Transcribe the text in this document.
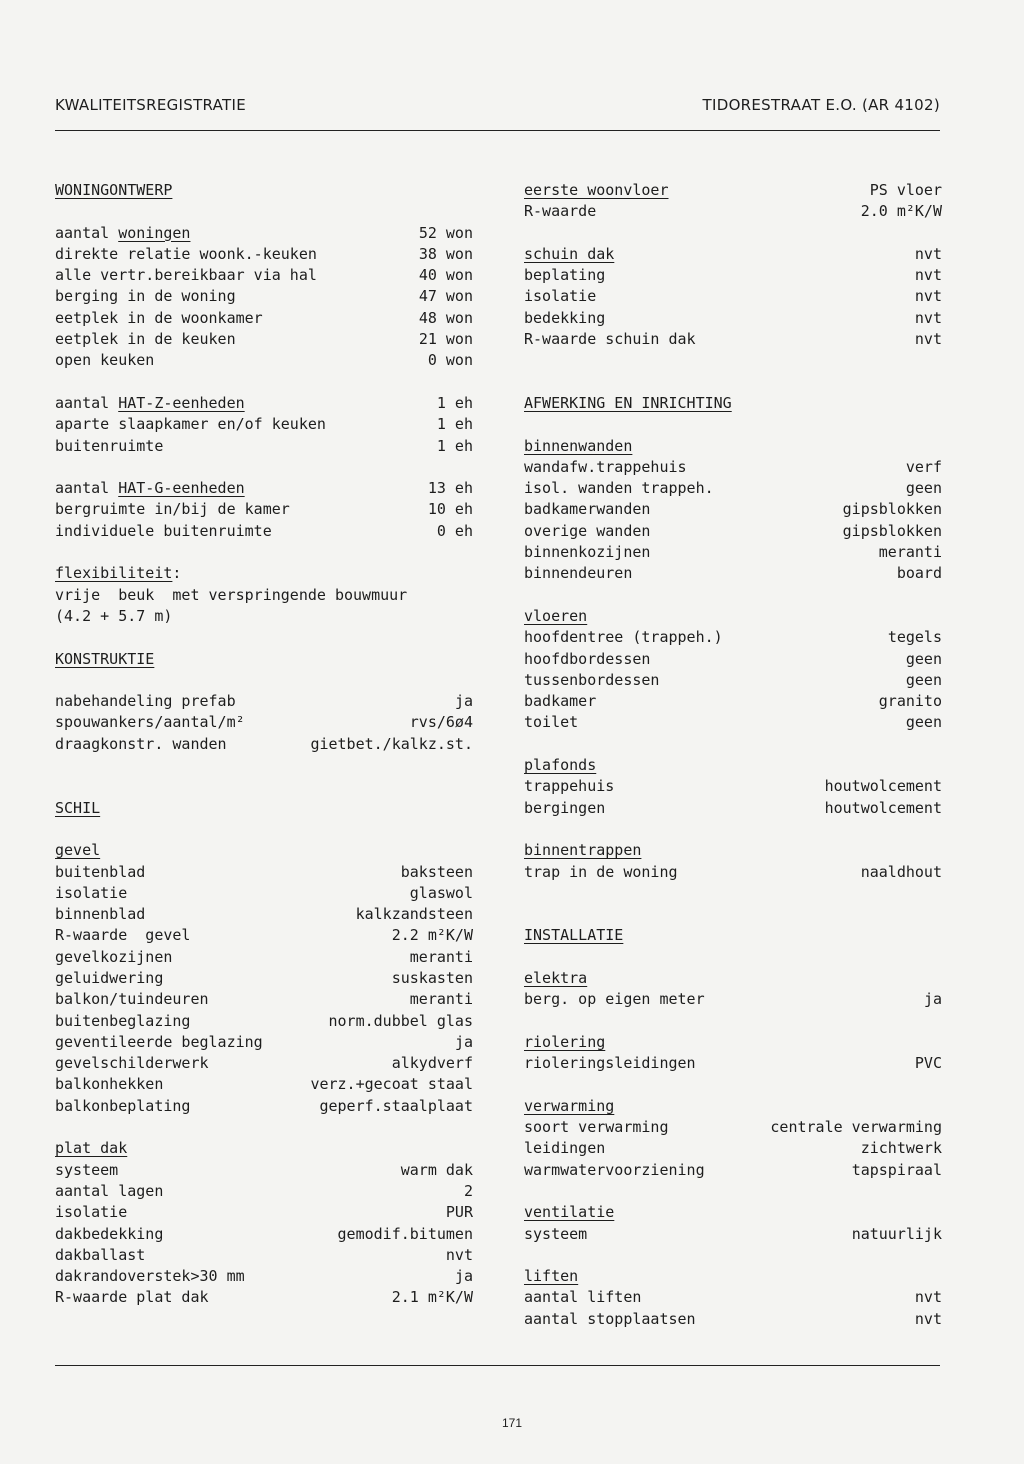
KWALITEITSREGISTRATIE	TIDORESTRAAT E.O. (AR 4102)
WONINGONTWERP
aantal woningen	52 won
direkte relatie woonk.-keuken	38 won
alle vertr.bereikbaar via hal	40 won
berging in de woning	47 won
eetplek in de woonkamer	48 won
eetplek in de keuken	21 won
open keuken	0 won
aantal HAT-Z-eenheden	1 eh
aparte slaapkamer en/of keuken	1 eh
buitenruimte	1 eh
aantal HAT-G-eenheden	13 eh
bergruimte in/bij de kamer	10 eh
individuele buitenruimte	0 eh
flexibiliteit:
vrije  beuk  met verspringende bouwmuur
(4.2 + 5.7 m)
KONSTRUKTIE
nabehandeling prefab	ja
spouwankers/aantal/m²	rvs/6ø4
draagkonstr. wanden	gietbet./kalkz.st.
SCHIL
gevel
buitenblad	baksteen
isolatie	glaswol
binnenblad	kalkzandsteen
R-waarde  gevel	2.2 m²K/W
gevelkozijnen	meranti
geluidwering	suskasten
balkon/tuindeuren	meranti
buitenbeglazing	norm.dubbel glas
geventileerde beglazing	ja
gevelschilderwerk	alkydverf
balkonhekken	verz.+gecoat staal
balkonbeplating	geperf.staalplaat
plat dak
systeem	warm dak
aantal lagen	2
isolatie	PUR
dakbedekking	gemodif.bitumen
dakballast	nvt
dakrandoverstek>30 mm	ja
R-waarde plat dak	2.1 m²K/W
eerste woonvloer	PS vloer
R-waarde	2.0 m²K/W
schuin dak	nvt
beplating	nvt
isolatie	nvt
bedekking	nvt
R-waarde schuin dak	nvt
AFWERKING EN INRICHTING
binnenwanden
wandafw.trappehuis	verf
isol. wanden trappeh.	geen
badkamerwanden	gipsblokken
overige wanden	gipsblokken
binnenkozijnen	meranti
binnendeuren	board
vloeren
hoofdentree (trappeh.)	tegels
hoofdbordessen	geen
tussenbordessen	geen
badkamer	granito
toilet	geen
plafonds
trappehuis	houtwolcement
bergingen	houtwolcement
binnentrappen
trap in de woning	naaldhout
INSTALLATIE
elektra
berg. op eigen meter	ja
riolering
rioleringsleidingen	PVC
verwarming
soort verwarming	centrale verwarming
leidingen	zichtwerk
warmwatervoorziening	tapspiraal
ventilatie
systeem	natuurlijk
liften
aantal liften	nvt
aantal stopplaatsen	nvt
171
